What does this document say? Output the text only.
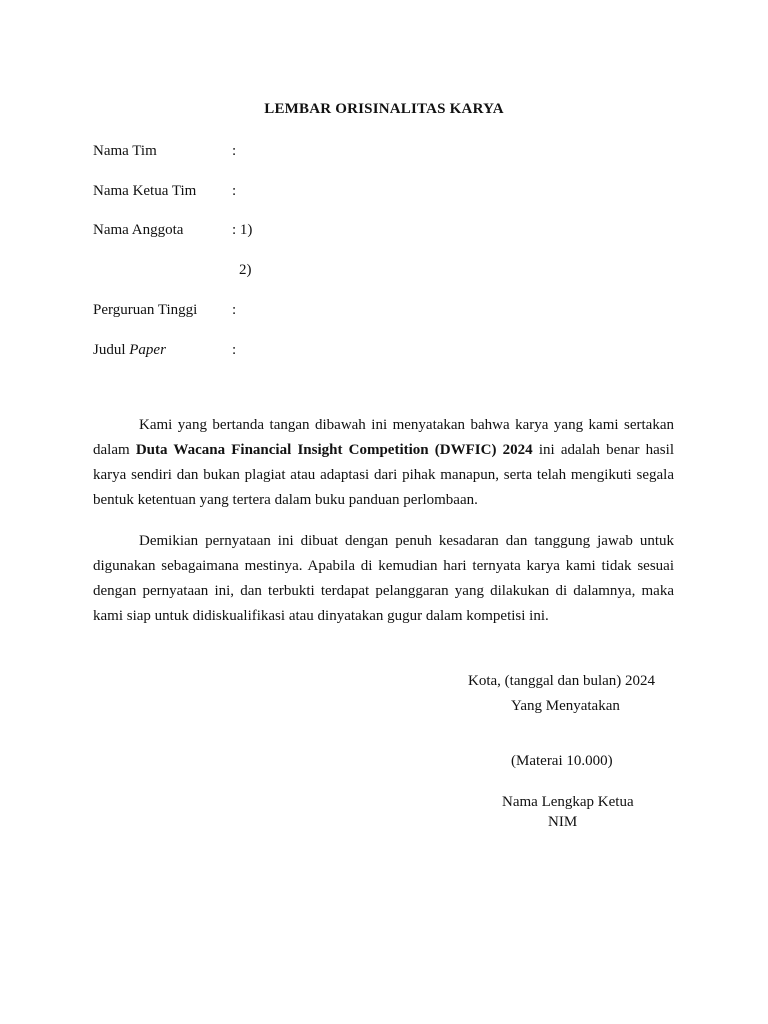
LEMBAR ORISINALITAS KARYA
Nama Tim	:
Nama Ketua Tim :
Nama Anggota	: 1)
2)
Perguruan Tinggi :
Judul Paper	:

Kami yang bertanda tangan dibawah ini menyatakan bahwa karya yang kami sertakan dalam Duta Wacana Financial Insight Competition (DWFIC) 2024 ini adalah benar hasil karya sendiri dan bukan plagiat atau adaptasi dari pihak manapun, serta telah mengikuti segala bentuk ketentuan yang tertera dalam buku panduan perlombaan.

Demikian pernyataan ini dibuat dengan penuh kesadaran dan tanggung jawab untuk digunakan sebagaimana mestinya. Apabila di kemudian hari ternyata karya kami tidak sesuai dengan pernyataan ini, dan terbukti terdapat pelanggaran yang dilakukan di dalamnya, maka kami siap untuk didiskualifikasi atau dinyatakan gugur dalam kompetisi ini.

Kota, (tanggal dan bulan) 2024
Yang Menyatakan
(Materai 10.000)
Nama Lengkap Ketua
NIM
